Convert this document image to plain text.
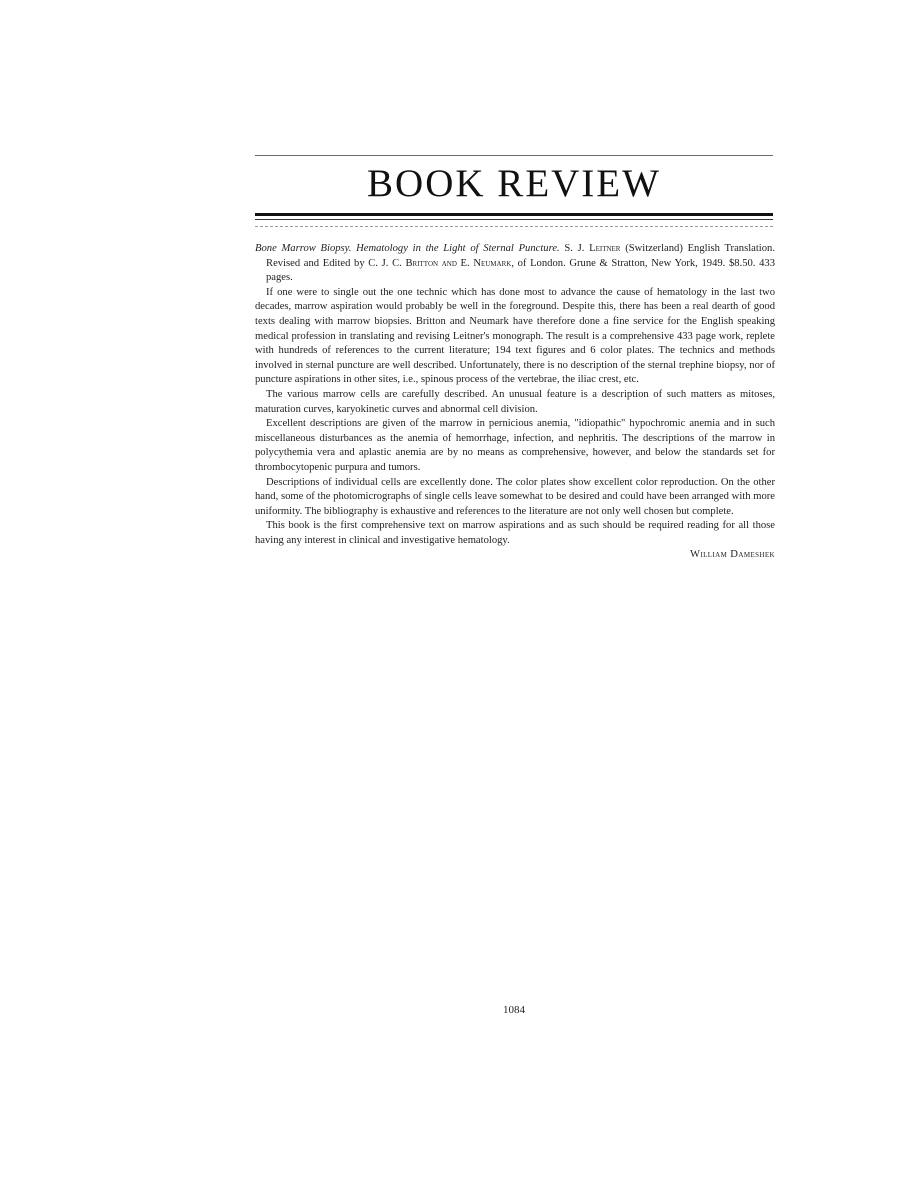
BOOK REVIEW

Bone Marrow Biopsy. Hematology in the Light of Sternal Puncture. S. J. Leitner (Switzerland) English Translation. Revised and Edited by C. J. C. Britton and E. Neumark, of London. Grune & Stratton, New York, 1949. $8.50. 433 pages.

If one were to single out the one technic which has done most to advance the cause of hematology in the last two decades, marrow aspiration would probably be well in the foreground. Despite this, there has been a real dearth of good texts dealing with marrow biopsies. Britton and Neumark have therefore done a fine service for the English speaking medical profession in translating and revising Leitner's monograph. The result is a comprehensive 433 page work, replete with hundreds of references to the current literature; 194 text figures and 6 color plates. The technics and methods involved in sternal puncture are well described. Unfortunately, there is no description of the sternal trephine biopsy, nor of puncture aspirations in other sites, i.e., spinous process of the vertebrae, the iliac crest, etc.

The various marrow cells are carefully described. An unusual feature is a description of such matters as mitoses, maturation curves, karyokinetic curves and abnormal cell division.

Excellent descriptions are given of the marrow in pernicious anemia, "idiopathic" hypochromic anemia and in such miscellaneous disturbances as the anemia of hemorrhage, infection, and nephritis. The descriptions of the marrow in polycythemia vera and aplastic anemia are by no means as comprehensive, however, and below the standards set for thrombocytopenic purpura and tumors.

Descriptions of individual cells are excellently done. The color plates show excellent color reproduction. On the other hand, some of the photomicrographs of single cells leave somewhat to be desired and could have been arranged with more uniformity. The bibliography is exhaustive and references to the literature are not only well chosen but complete.

This book is the first comprehensive text on marrow aspirations and as such should be required reading for all those having any interest in clinical and investigative hematology.

William Dameshek

1084
